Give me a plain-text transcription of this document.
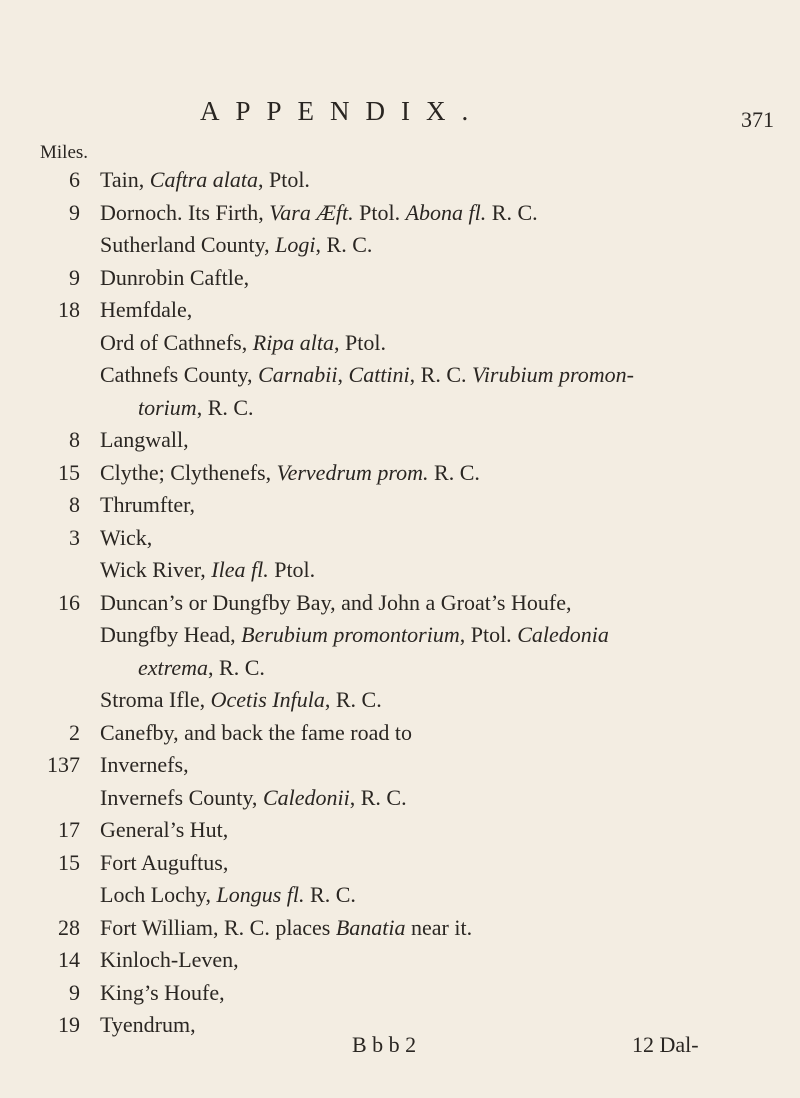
APPENDIX.	371
Miles.
6 Tain, Caftra alata, Ptol.
9 Dornoch. Its Firth, Vara Æft. Ptol. Abona fl. R. C.
Sutherland County, Logi, R. C.
9 Dunrobin Caftle,
18 Hemfdale,
Ord of Cathnefs, Ripa alta, Ptol.
Cathnefs County, Carnabii, Cattini, R. C. Virubium promon-
torium, R. C.
8 Langwall,
15 Clythe; Clythenefs, Vervedrum prom. R. C.
8 Thrumfter,
3 Wick,
Wick River, Ilea fl. Ptol.
16 Duncan’s or Dungfby Bay, and John a Groat’s Houfe,
Dungfby Head, Berubium promontorium, Ptol. Caledonia
extrema, R. C.
Stroma Ifle, Ocetis Infula, R. C.
2 Canefby, and back the fame road to
137 Invernefs,
Invernefs County, Caledonii, R. C.
17 General’s Hut,
15 Fort Auguftus,
Loch Lochy, Longus fl. R. C.
28 Fort William, R. C. places Banatia near it.
14 Kinloch-Leven,
9 King’s Houfe,
19 Tyendrum,
B b b 2	12 Dal-
